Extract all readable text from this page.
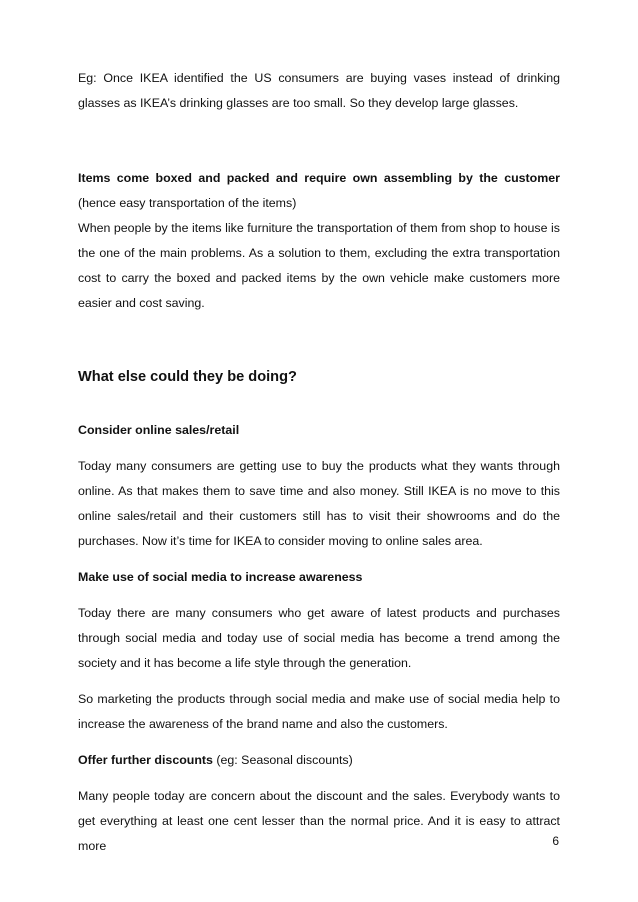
Eg: Once IKEA identified the US consumers are buying vases instead of drinking glasses as IKEA’s drinking glasses are too small. So they develop large glasses.

Items come boxed and packed and require own assembling by the customer (hence easy transportation of the items)

When people by the items like furniture the transportation of them from shop to house is the one of the main problems. As a solution to them, excluding the extra transportation cost to carry the boxed and packed items by the own vehicle make customers more easier and cost saving.

What else could they be doing?

Consider online sales/retail

Today many consumers are getting use to buy the products what they wants through online. As that makes them to save time and also money. Still IKEA is no move to this online sales/retail and their customers still has to visit their showrooms and do the purchases. Now it’s time for IKEA to consider moving to online sales area.

Make use of social media to increase awareness

Today there are many consumers who get aware of latest products and purchases through social media and today use of social media has become a trend among the society and it has become a life style through the generation.

So marketing the products through social media and make use of social media help to increase the awareness of the brand name and also the customers.

Offer further discounts (eg: Seasonal discounts)

Many people today are concern about the discount and the sales. Everybody wants to get everything at least one cent lesser than the normal price. And it is easy to attract more	6
